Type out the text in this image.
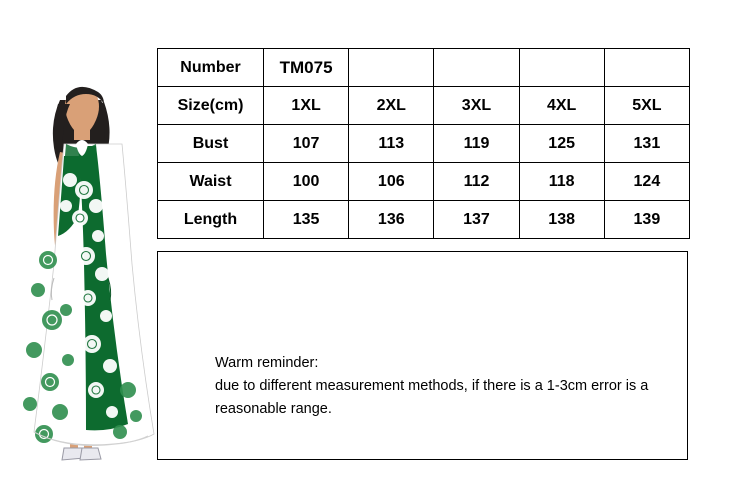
Number	TM075				
Size(cm)	1XL	2XL	3XL	4XL	5XL
Bust	107	113	119	125	131
Waist	100	106	112	118	124
Length	135	136	137	138	139
Warm reminder:
due to different measurement methods, if there is a 1-3cm error is a
reasonable range.
